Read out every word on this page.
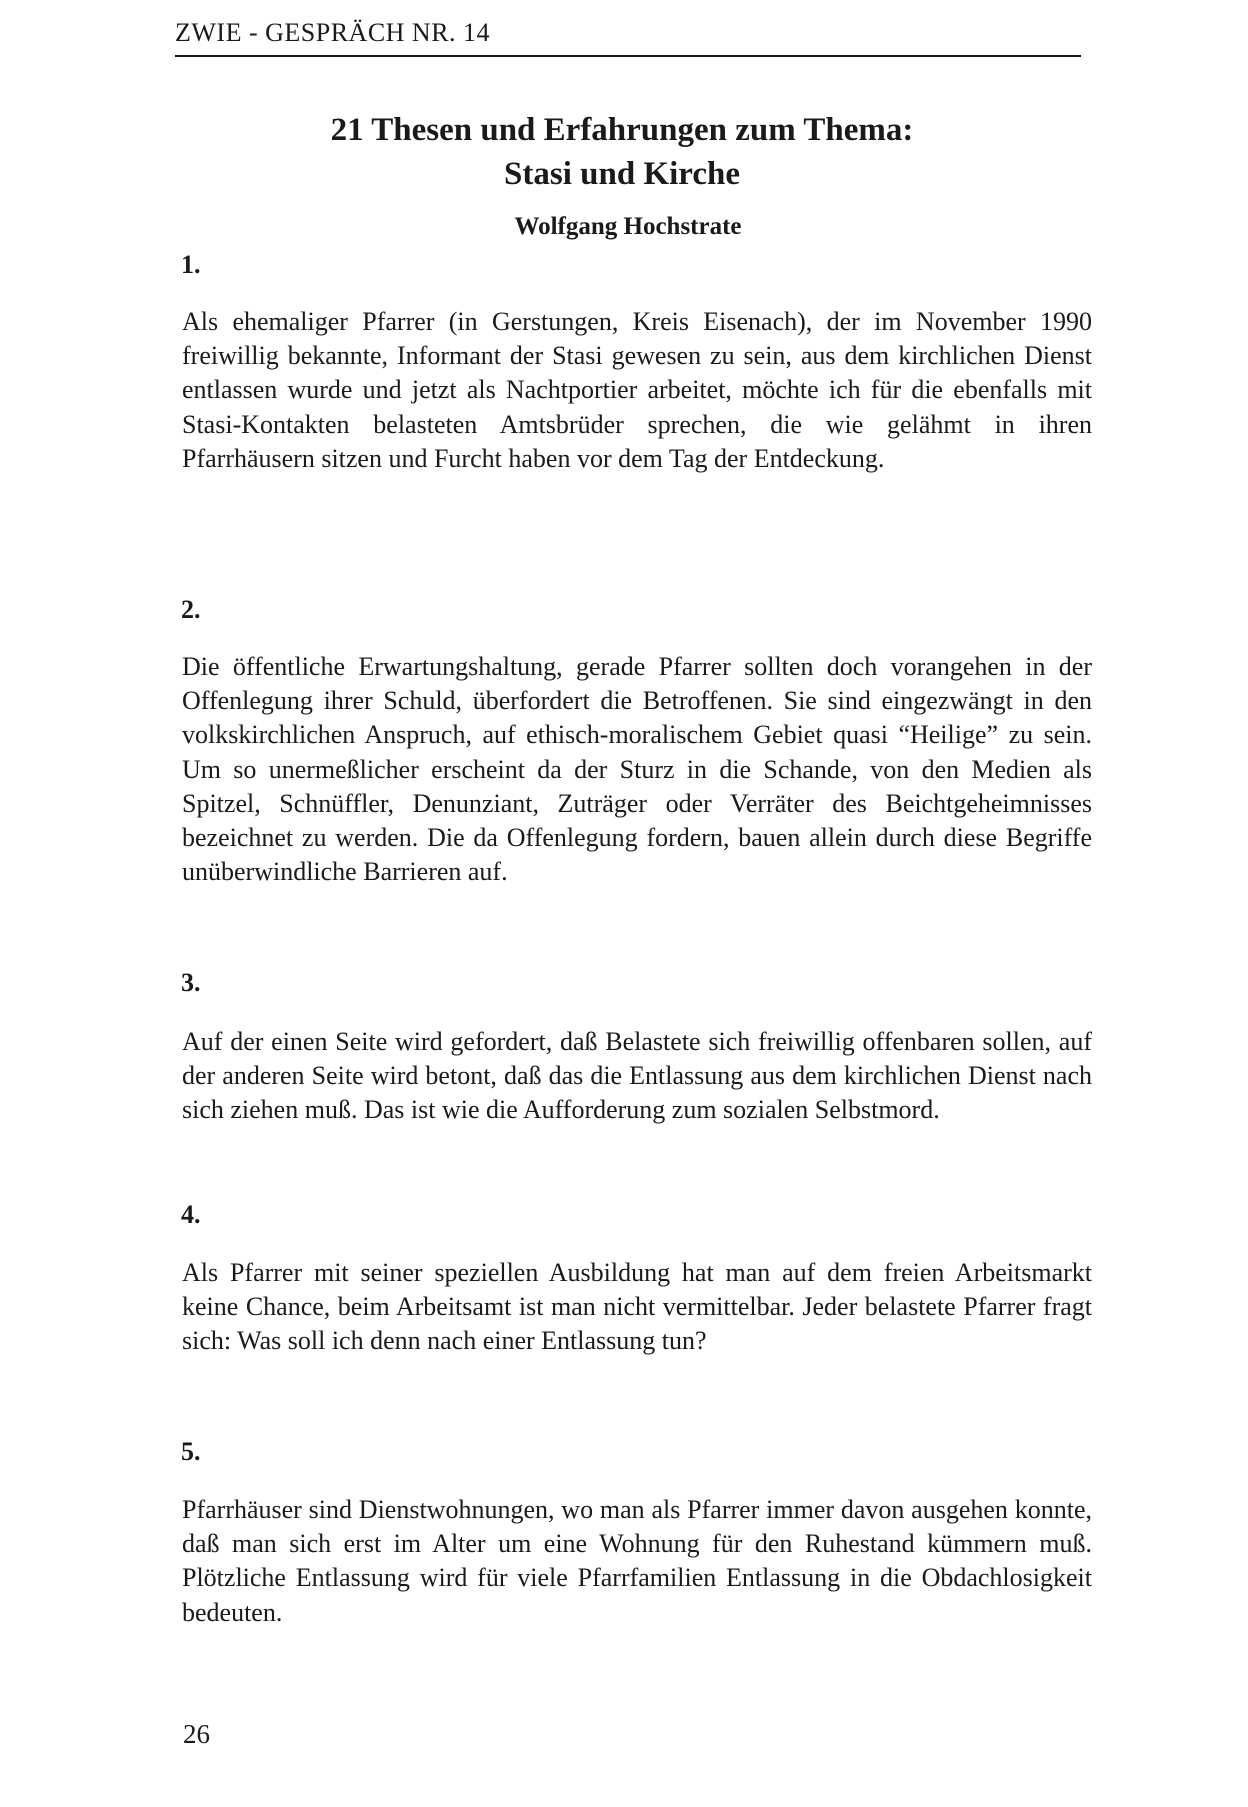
ZWIE - GESPRÄCH NR. 14
21 Thesen und Erfahrungen zum Thema:
Stasi und Kirche
Wolfgang Hochstrate
1.
Als ehemaliger Pfarrer (in Gerstungen, Kreis Eisenach), der im November 1990 freiwillig bekannte, Informant der Stasi gewesen zu sein, aus dem kirchlichen Dienst entlassen wurde und jetzt als Nachtportier arbeitet, möchte ich für die ebenfalls mit Stasi-Kontakten belasteten Amtsbrüder sprechen, die wie gelähmt in ihren Pfarrhäusern sitzen und Furcht haben vor dem Tag der Entdeckung.
2.
Die öffentliche Erwartungshaltung, gerade Pfarrer sollten doch vorangehen in der Offenlegung ihrer Schuld, überfordert die Betroffenen. Sie sind eingezwängt in den volkskirchlichen Anspruch, auf ethisch-moralischem Gebiet quasi “Heilige” zu sein. Um so unermeßlicher erscheint da der Sturz in die Schande, von den Medien als Spitzel, Schnüffler, Denunziant, Zuträger oder Verräter des Beichtgeheimnisses bezeichnet zu werden. Die da Offenlegung fordern, bauen allein durch diese Begriffe unüberwindliche Barrieren auf.
3.
Auf der einen Seite wird gefordert, daß Belastete sich freiwillig offenbaren sollen, auf der anderen Seite wird betont, daß das die Entlassung aus dem kirchlichen Dienst nach sich ziehen muß. Das ist wie die Aufforderung zum sozialen Selbstmord.
4.
Als Pfarrer mit seiner speziellen Ausbildung hat man auf dem freien Arbeitsmarkt keine Chance, beim Arbeitsamt ist man nicht vermittelbar. Jeder belastete Pfarrer fragt sich: Was soll ich denn nach einer Entlassung tun?
5.
Pfarrhäuser sind Dienstwohnungen, wo man als Pfarrer immer davon ausgehen konnte, daß man sich erst im Alter um eine Wohnung für den Ruhestand kümmern muß. Plötzliche Entlassung wird für viele Pfarrfamilien Entlassung in die Obdachlosigkeit bedeuten.
26
